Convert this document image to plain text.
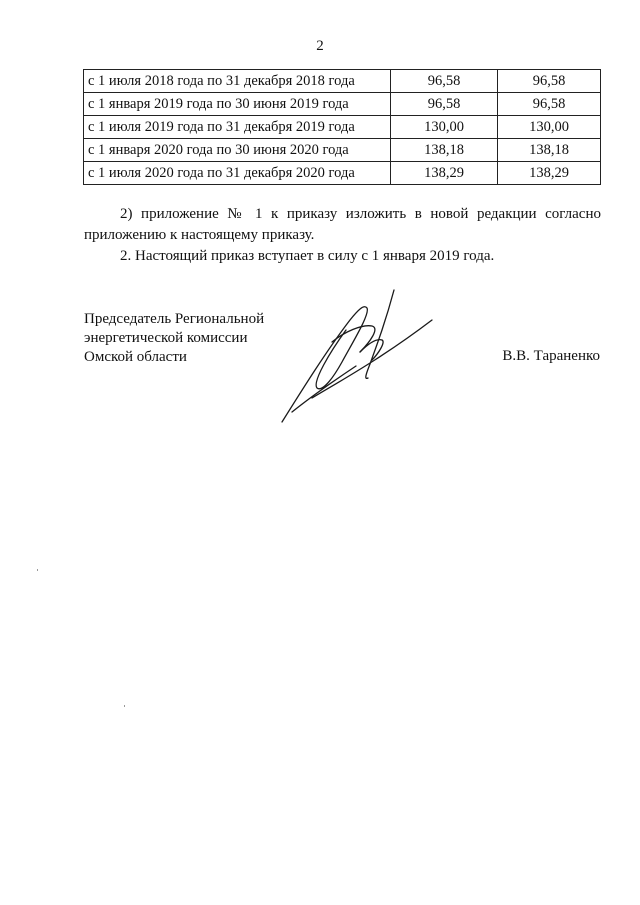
2
с 1 июля 2018 года по 31 декабря 2018 года	96,58	96,58
с 1 января 2019 года по 30 июня 2019 года	96,58	96,58
с 1 июля 2019 года по 31 декабря 2019 года	130,00	130,00
с 1 января 2020 года по 30 июня 2020 года	138,18	138,18
с 1 июля 2020 года по 31 декабря 2020 года	138,29	138,29
2) приложение № 1 к приказу изложить в новой редакции согласно
приложению к настоящему приказу.
2. Настоящий приказ вступает в силу с 1 января 2019 года.
Председатель Региональной
энергетической комиссии
Омской области	В.В. Тараненко
